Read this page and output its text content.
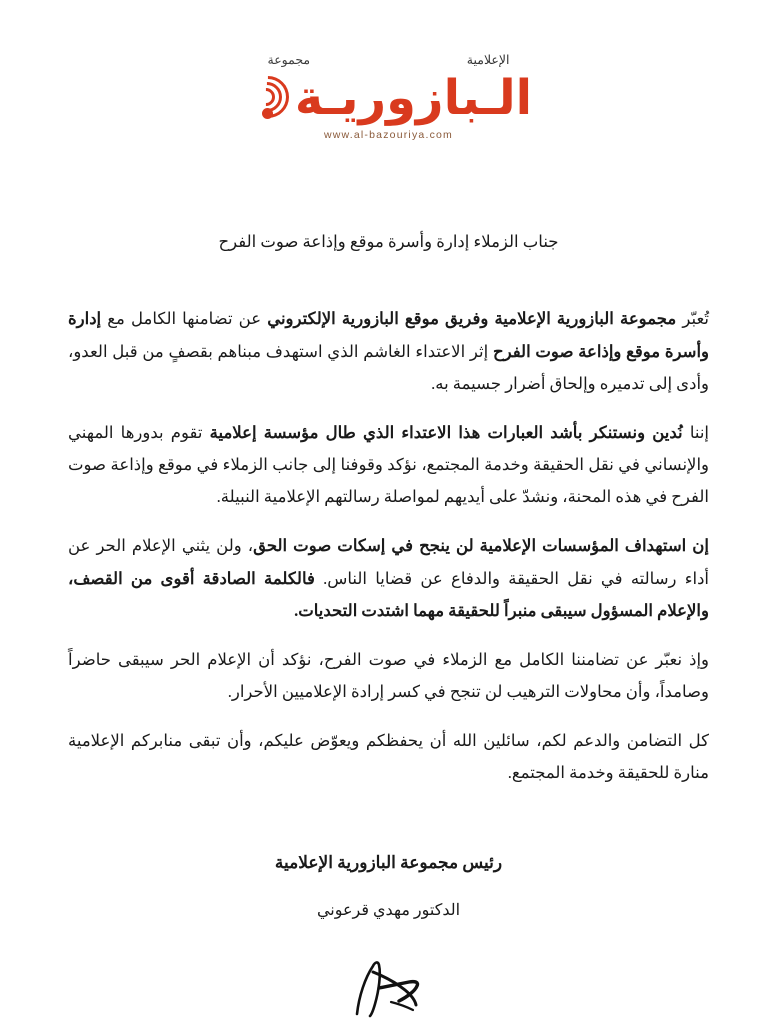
الإعلامية
مجموعة
الـبازوريـة
www.al-bazouriya.com
جناب الزملاء إدارة وأسرة موقع وإذاعة صوت الفرح

تُعبّر مجموعة البازورية الإعلامية وفريق موقع البازورية الإلكتروني عن تضامنها الكامل مع إدارة وأسرة موقع وإذاعة صوت الفرح إثر الاعتداء الغاشم الذي استهدف مبناهم بقصفٍ من قبل العدو، وأدى إلى تدميره وإلحاق أضرار جسيمة به.

إننا نُدين ونستنكر بأشد العبارات هذا الاعتداء الذي طال مؤسسة إعلامية تقوم بدورها المهني والإنساني في نقل الحقيقة وخدمة المجتمع، نؤكد وقوفنا إلى جانب الزملاء في موقع وإذاعة صوت الفرح في هذه المحنة، ونشدّ على أيديهم لمواصلة رسالتهم الإعلامية النبيلة.

إن استهداف المؤسسات الإعلامية لن ينجح في إسكات صوت الحق، ولن يثني الإعلام الحر عن أداء رسالته في نقل الحقيقة والدفاع عن قضايا الناس. فالكلمة الصادقة أقوى من القصف، والإعلام المسؤول سيبقى منبراً للحقيقة مهما اشتدت التحديات.

وإذ نعبّر عن تضامننا الكامل مع الزملاء في صوت الفرح، نؤكد أن الإعلام الحر سيبقى حاضراً وصامداً، وأن محاولات الترهيب لن تنجح في كسر إرادة الإعلاميين الأحرار.

كل التضامن والدعم لكم، سائلين الله أن يحفظكم ويعوّض عليكم، وأن تبقى منابركم الإعلامية منارة للحقيقة وخدمة المجتمع.

رئيس مجموعة البازورية الإعلامية
الدكتور مهدي قرعوني
